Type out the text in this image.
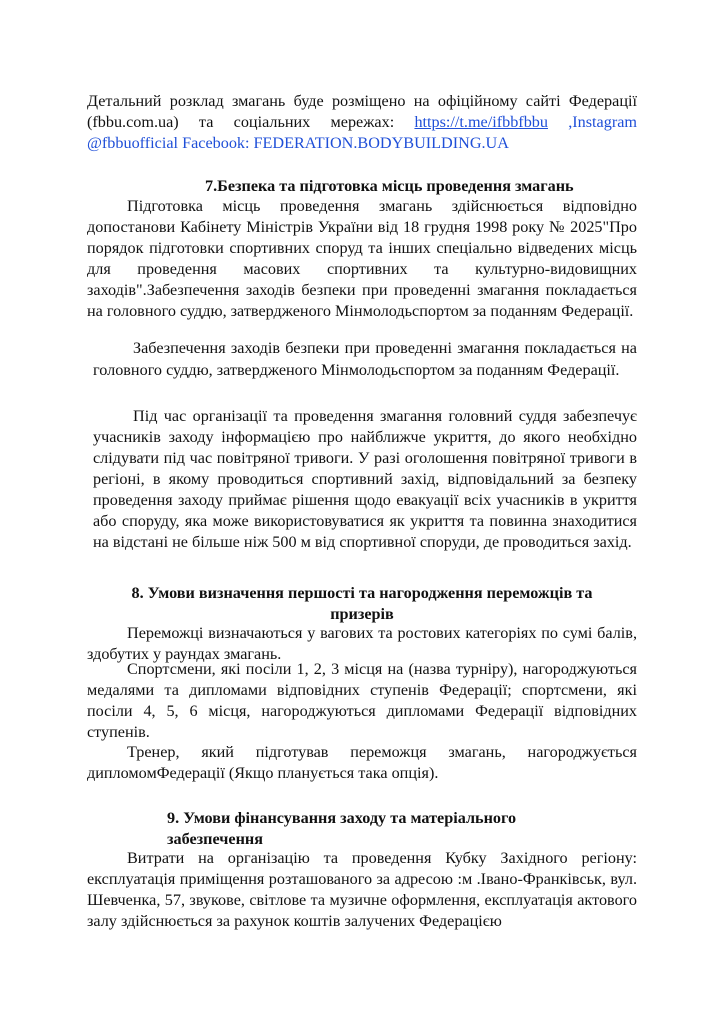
Детальний розклад змагань буде розміщено на офіційному сайті Федерації (fbbu.com.ua) та соціальних мережах: https://t.me/ifbbfbbu ,Instagram @fbbuofficial Facebook: FEDERATION.BODYBUILDING.UA
7.Безпека та підготовка місць проведення змагань
Підготовка місць проведення змагань здійснюється відповідно допостанови Кабінету Міністрів України від 18 грудня 1998 року № 2025"Про порядок підготовки спортивних споруд та інших спеціально відведених місць для проведення масових спортивних та культурно-видовищних заходів".Забезпечення заходів безпеки при проведенні змагання покладається на головного суддю, затвердженого Мінмолодьспортом за поданням Федерації.
Забезпечення заходів безпеки при проведенні змагання покладається на головного суддю, затвердженого Мінмолодьспортом за поданням Федерації.
Під час організації та проведення змагання головний суддя забезпечує учасників заходу інформацією про найближче укриття, до якого необхідно слідувати під час повітряної тривоги. У разі оголошення повітряної тривоги в регіоні, в якому проводиться спортивний захід, відповідальний за безпеку проведення заходу приймає рішення щодо евакуації всіх учасників в укриття або споруду, яка може використовуватися як укриття та повинна знаходитися на відстані не більше ніж 500 м від спортивної споруди, де проводиться захід.
8. Умови визначення першості та нагородження переможців та призерів
Переможці визначаються у вагових та ростових категоріях по сумі балів, здобутих у раундах змагань.
Спортсмени, які посіли 1, 2, 3 місця на (назва турніру), нагороджуються медалями та дипломами відповідних ступенів Федерації; спортсмени, які посіли 4, 5, 6 місця, нагороджуються дипломами Федерації відповідних ступенів.
Тренер, який підготував переможця змагань, нагороджується дипломомФедерації (Якщо планується така опція).
9. Умови фінансування заходу та матеріального забезпечення
Витрати на організацію та проведення Кубку Західного регіону: експлуатація приміщення розташованого за адресою :м .Івано-Франківськ, вул. Шевченка, 57, звукове, світлове та музичне оформлення, експлуатація актового залу здійснюється за рахунок коштів залучених Федерацією
